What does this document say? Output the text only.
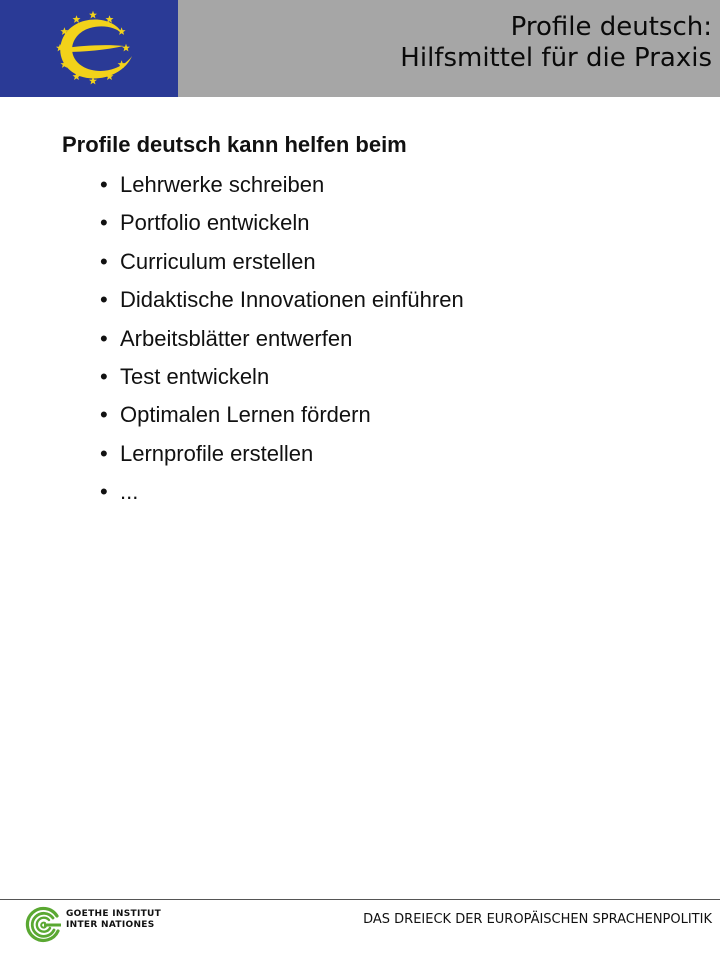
Profile deutsch:
Hilfsmittel für die Praxis

Profile deutsch kann helfen beim

• Lehrwerke schreiben
• Portfolio entwickeln
• Curriculum erstellen
• Didaktische Innovationen einführen
• Arbeitsblätter entwerfen
• Test entwickeln
• Optimalen Lernen fördern
• Lernprofile erstellen
• ...
GOETHE INSTITUT
INTER NATIONES	DAS DREIECK DER EUROPÄISCHEN SPRACHENPOLITIK
